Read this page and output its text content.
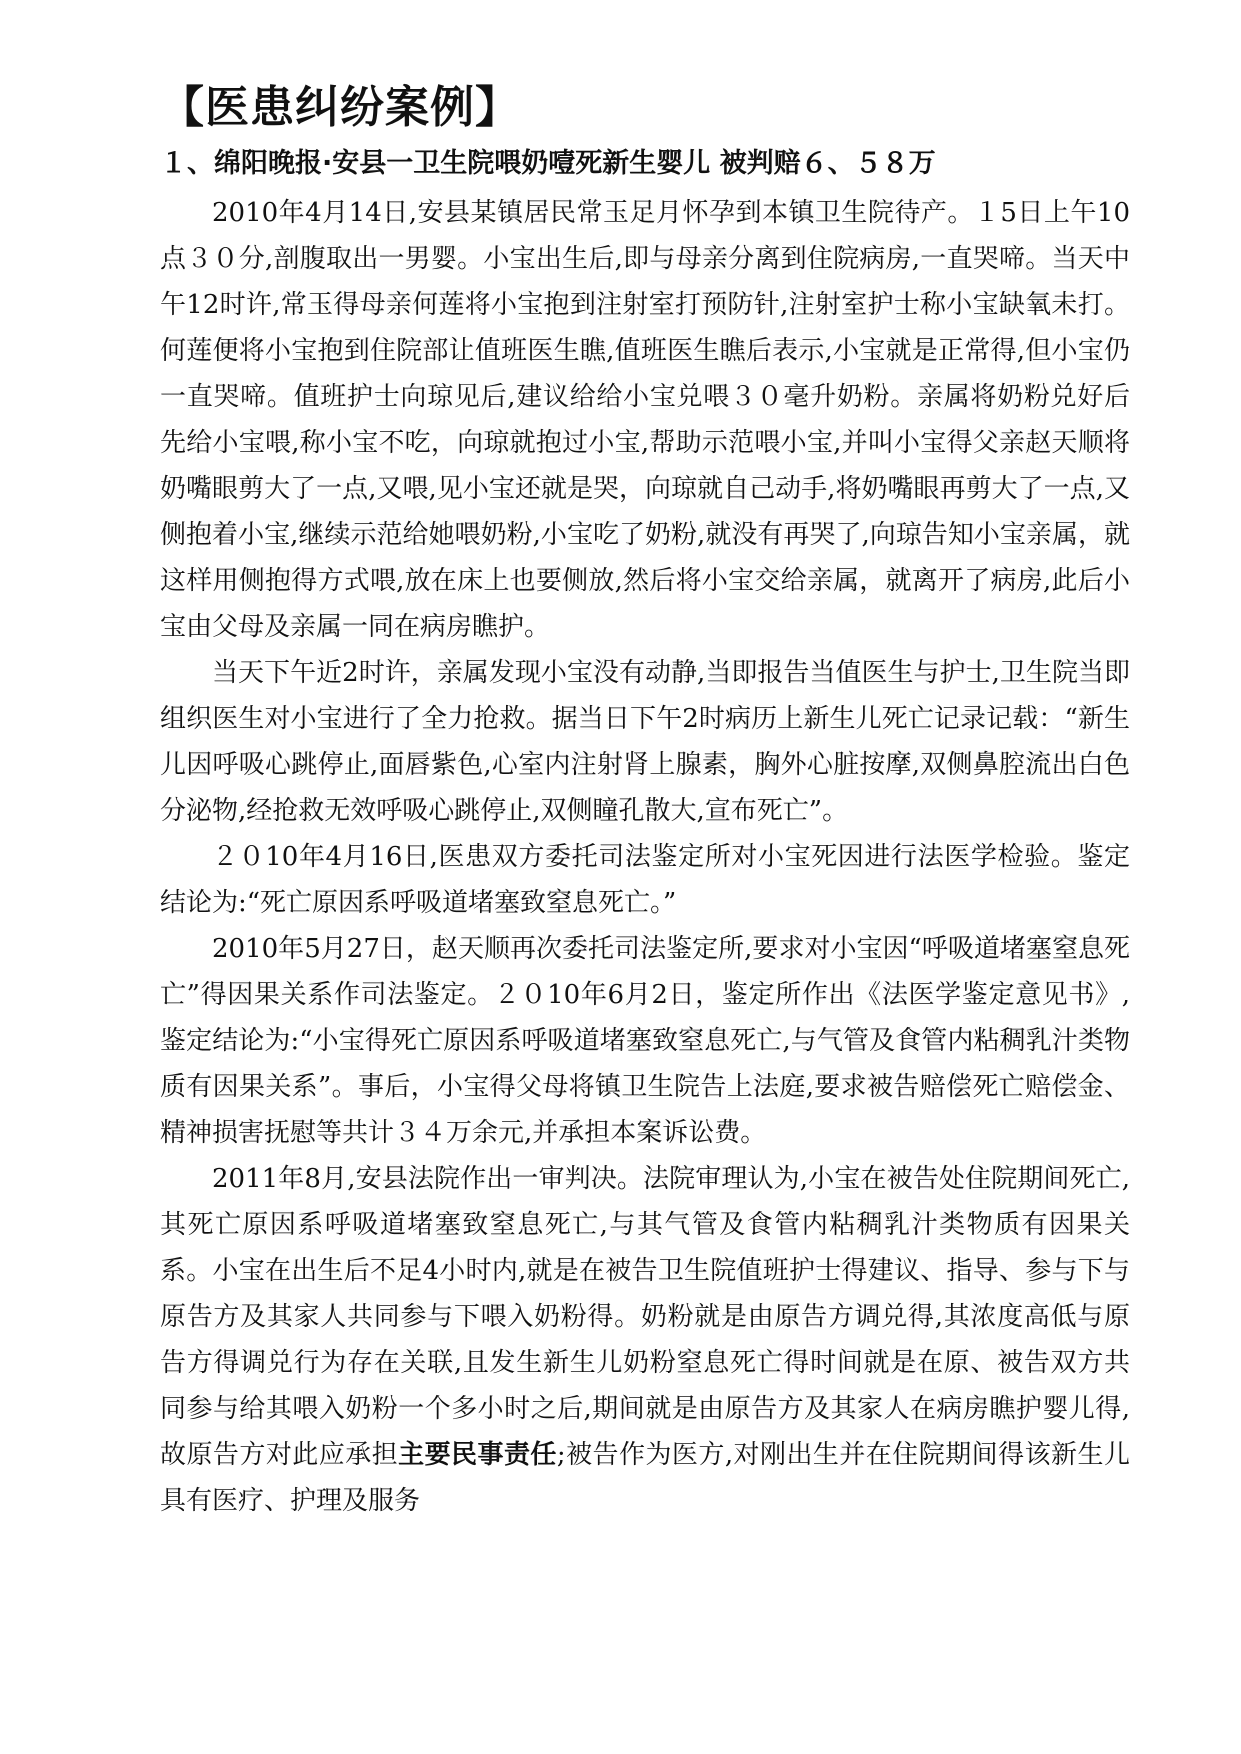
【医患纠纷案例】
１、绵阳晚报·安县一卫生院喂奶噎死新生婴儿 被判赔６、５８万

2010年4月14日,安县某镇居民常玉足月怀孕到本镇卫生院待产。１5日上午10点３０分,剖腹取出一男婴。小宝出生后,即与母亲分离到住院病房,一直哭啼。当天中午12时许,常玉得母亲何莲将小宝抱到注射室打预防针,注射室护士称小宝缺氧未打。何莲便将小宝抱到住院部让值班医生瞧,值班医生瞧后表示,小宝就是正常得,但小宝仍一直哭啼。值班护士向琼见后,建议给给小宝兑喂３０毫升奶粉。亲属将奶粉兑好后先给小宝喂,称小宝不吃，向琼就抱过小宝,帮助示范喂小宝,并叫小宝得父亲赵天顺将奶嘴眼剪大了一点,又喂,见小宝还就是哭，向琼就自己动手,将奶嘴眼再剪大了一点,又侧抱着小宝,继续示范给她喂奶粉,小宝吃了奶粉,就没有再哭了,向琼告知小宝亲属，就这样用侧抱得方式喂,放在床上也要侧放,然后将小宝交给亲属，就离开了病房,此后小宝由父母及亲属一同在病房瞧护。

当天下午近2时许，亲属发现小宝没有动静,当即报告当值医生与护士,卫生院当即组织医生对小宝进行了全力抢救。据当日下午2时病历上新生儿死亡记录记载：“新生儿因呼吸心跳停止,面唇紫色,心室内注射肾上腺素，胸外心脏按摩,双侧鼻腔流出白色分泌物,经抢救无效呼吸心跳停止,双侧瞳孔散大,宣布死亡”。

２０10年4月16日,医患双方委托司法鉴定所对小宝死因进行法医学检验。鉴定结论为:“死亡原因系呼吸道堵塞致窒息死亡。”

2010年5月27日，赵天顺再次委托司法鉴定所,要求对小宝因“呼吸道堵塞窒息死亡”得因果关系作司法鉴定。２０10年6月2日，鉴定所作出《法医学鉴定意见书》,鉴定结论为:“小宝得死亡原因系呼吸道堵塞致窒息死亡,与气管及食管内粘稠乳汁类物质有因果关系”。事后，小宝得父母将镇卫生院告上法庭,要求被告赔偿死亡赔偿金、精神损害抚慰等共计３４万余元,并承担本案诉讼费。

2011年8月,安县法院作出一审判决。法院审理认为,小宝在被告处住院期间死亡,其死亡原因系呼吸道堵塞致窒息死亡,与其气管及食管内粘稠乳汁类物质有因果关系。小宝在出生后不足4小时内,就是在被告卫生院值班护士得建议、指导、参与下与原告方及其家人共同参与下喂入奶粉得。奶粉就是由原告方调兑得,其浓度高低与原告方得调兑行为存在关联,且发生新生儿奶粉窒息死亡得时间就是在原、被告双方共同参与给其喂入奶粉一个多小时之后,期间就是由原告方及其家人在病房瞧护婴儿得,故原告方对此应承担主要民事责任;被告作为医方,对刚出生并在住院期间得该新生儿具有医疗、护理及服务
